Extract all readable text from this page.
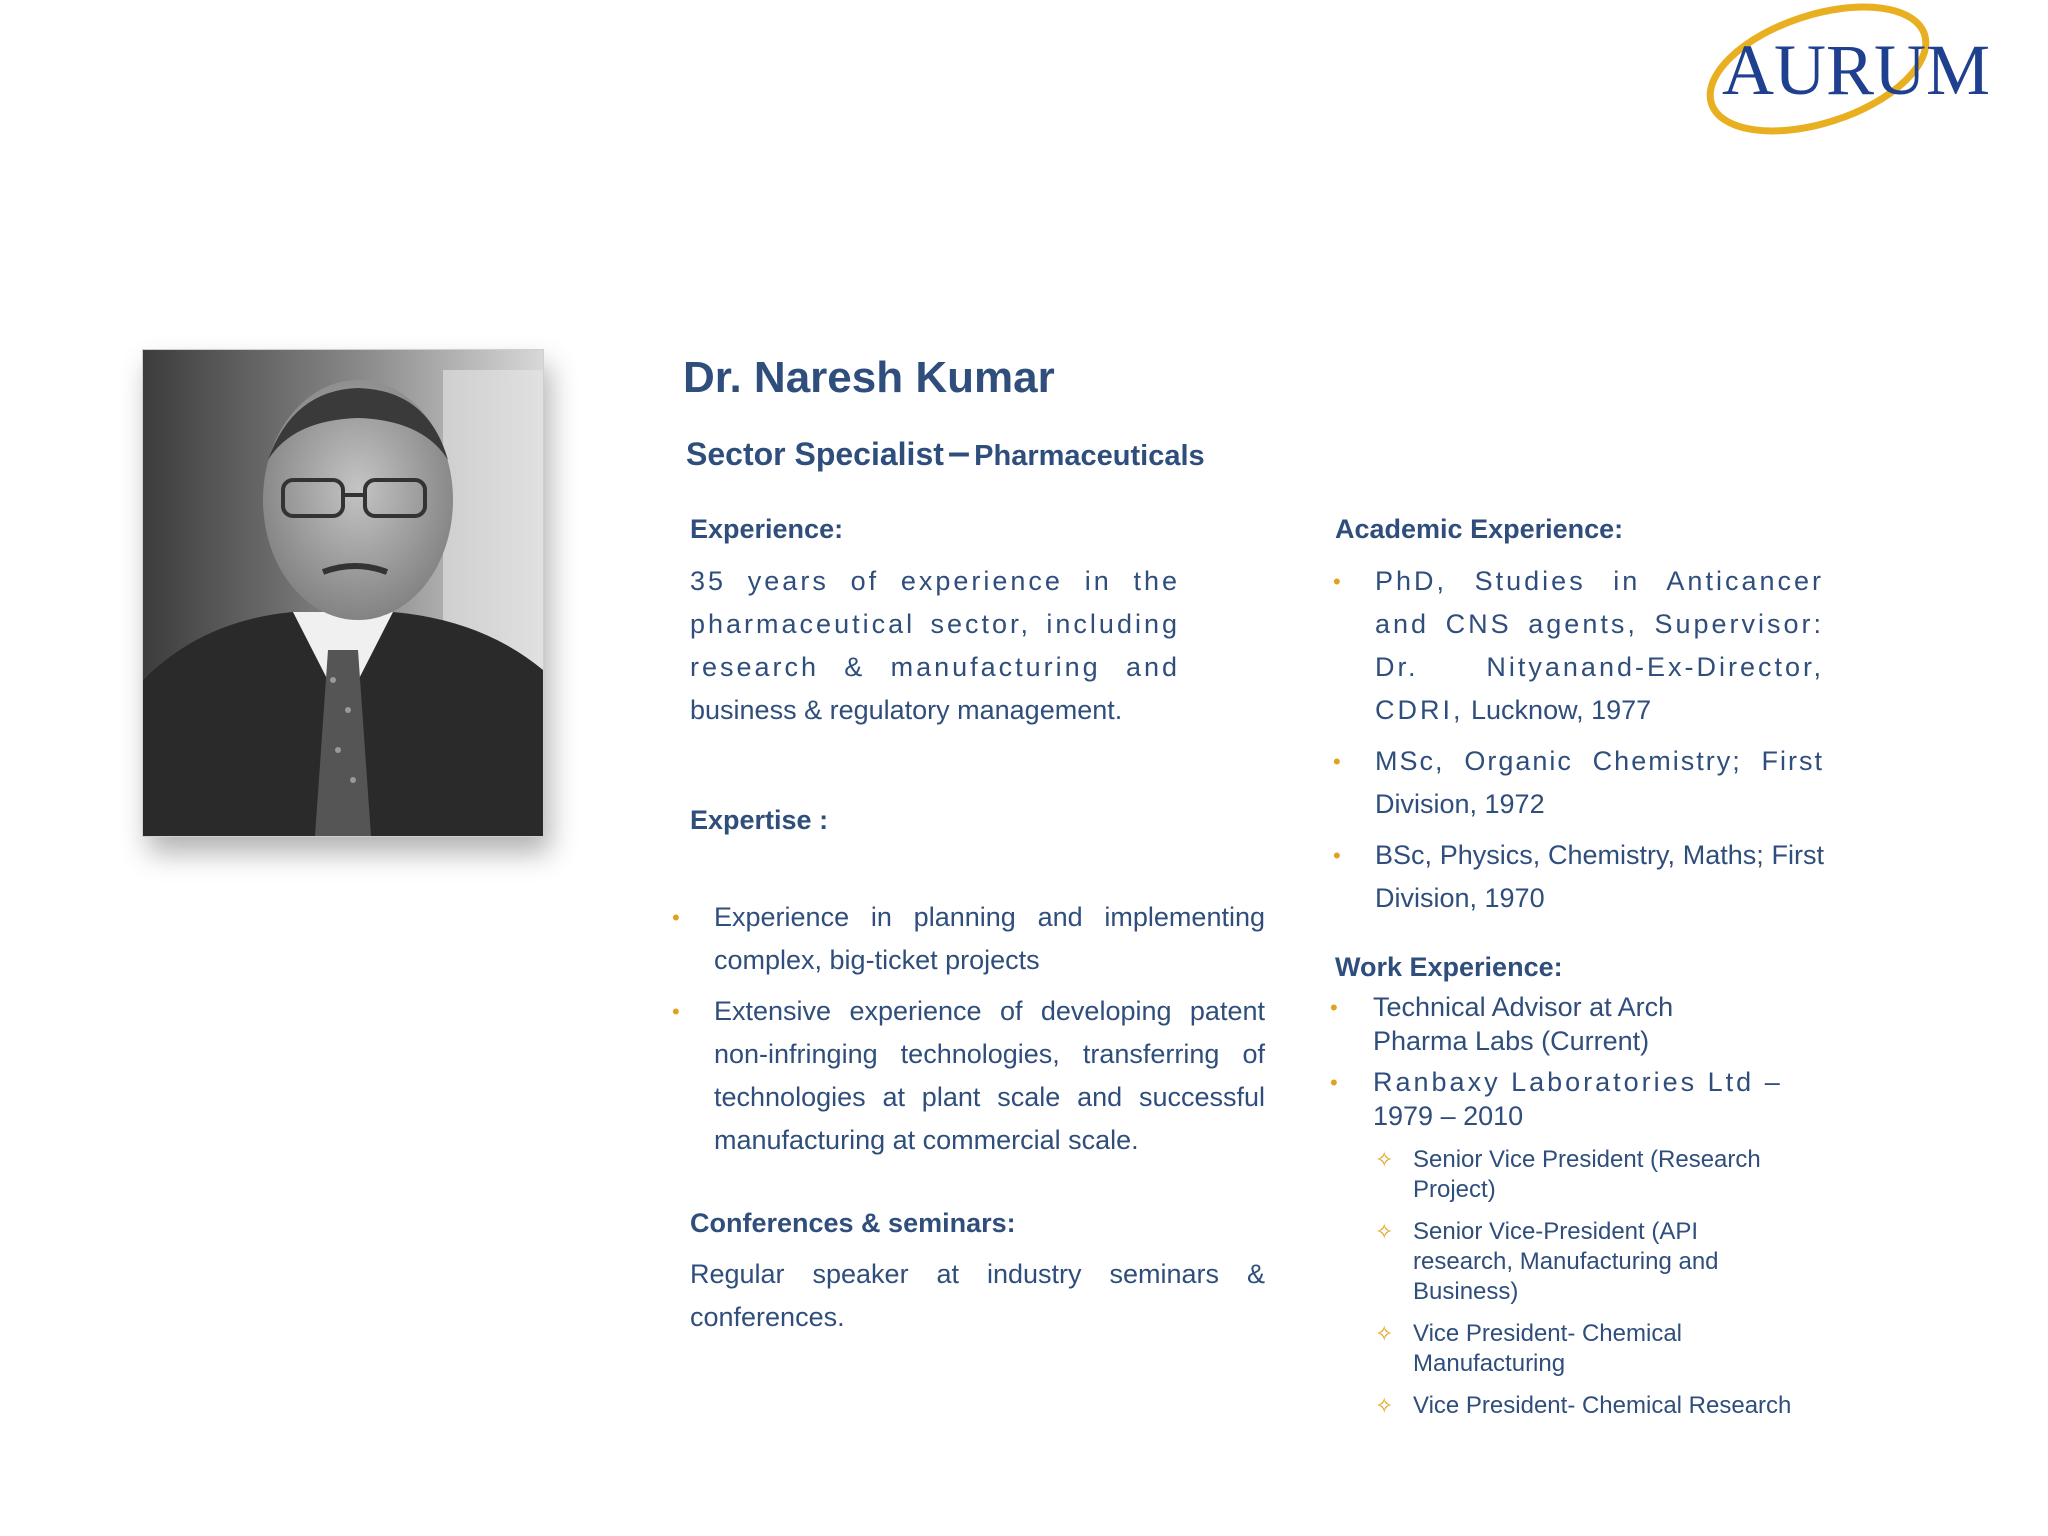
AURUM
Dr. Naresh Kumar
Sector Specialist – Pharmaceuticals
Experience:
35 years of experience in the pharmaceutical sector, including research & manufacturing and business & regulatory management.
Expertise :
• Experience in planning and implementing complex, big-ticket projects
• Extensive experience of developing patent non-infringing technologies, transferring of technologies at plant scale and successful manufacturing at commercial scale.
Conferences & seminars:
Regular speaker at industry seminars & conferences.
Academic Experience:
• PhD, Studies in Anticancer and CNS agents, Supervisor: Dr. Nityanand-Ex-Director, CDRI, Lucknow, 1977
• MSc, Organic Chemistry; First Division, 1972
• BSc, Physics, Chemistry, Maths; First Division, 1970
Work Experience:
• Technical Advisor at Arch
Pharma Labs (Current)
• Ranbaxy Laboratories Ltd –
1979 – 2010
✧ Senior Vice President (Research Project)
✧ Senior Vice-President (API research, Manufacturing and Business)
✧ Vice President- Chemical Manufacturing
✧ Vice President- Chemical Research
